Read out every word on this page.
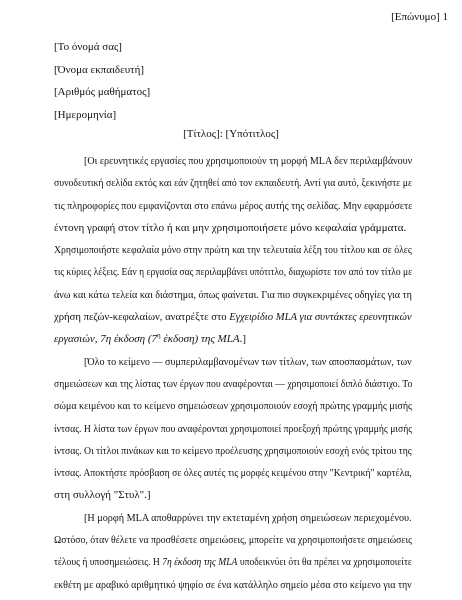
[Επώνυμο] 1
[Το όνομά σας]
[Όνομα εκπαιδευτή]
[Αριθμός μαθήματος]
[Ημερομηνία]
[Τίτλος]: [Υπότιτλος]
[Οι ερευνητικές εργασίες που χρησιμοποιούν τη μορφή MLA δεν περιλαμβάνουν
συνοδευτική σελίδα εκτός και εάν ζητηθεί από τον εκπαιδευτή. Αντί για αυτό, ξεκινήστε με
τις πληροφορίες που εμφανίζονται στο επάνω μέρος αυτής της σελίδας. Μην εφαρμόσετε
έντονη γραφή στον τίτλο ή και μην χρησιμοποιήσετε μόνο κεφαλαία γράμματα.
Χρησιμοποιήστε κεφαλαία μόνο στην πρώτη και την τελευταία λέξη του τίτλου και σε όλες
τις κύριες λέξεις. Εάν η εργασία σας περιλαμβάνει υπότιτλο, διαχωρίστε τον από τον τίτλο με
άνω και κάτω τελεία και διάστημα, όπως φαίνεται. Για πιο συγκεκριμένες οδηγίες για τη
χρήση πεζών-κεφαλαίων, ανατρέξτε στο Εγχειρίδιο MLA για συντάκτες ερευνητικών
εργασιών, 7η έκδοση ($7^\eta$ έκδοση) της MLA.]
[Όλο το κείμενο — συμπεριλαμβανομένων των τίτλων, των αποσπασμάτων, των
σημειώσεων και της λίστας των έργων που αναφέρονται — χρησιμοποιεί διπλό διάστιχο. Το
σώμα κειμένου και το κείμενο σημειώσεων χρησιμοποιούν εσοχή πρώτης γραμμής μισής
ίντσας. Η λίστα των έργων που αναφέρονται χρησιμοποιεί προεξοχή πρώτης γραμμής μισής
ίντσας. Οι τίτλοι πινάκων και το κείμενο προέλευσης χρησιμοποιούν εσοχή ενός τρίτου της
ίντσας. Αποκτήστε πρόσβαση σε όλες αυτές τις μορφές κειμένου στην "Κεντρική" καρτέλα,
στη συλλογή "Στυλ".]
[Η μορφή MLA αποθαρρύνει την εκτεταμένη χρήση σημειώσεων περιεχομένου.
Ωστόσο, όταν θέλετε να προσθέσετε σημειώσεις, μπορείτε να χρησιμοποιήσετε σημειώσεις
τέλους ή υποσημειώσεις. Η 7η έκδοση της MLA υποδεικνύει ότι θα πρέπει να χρησιμοποιείτε
εκθέτη με αραβικό αριθμητικό ψηφίο σε ένα κατάλληλο σημείο μέσα στο κείμενο για την
